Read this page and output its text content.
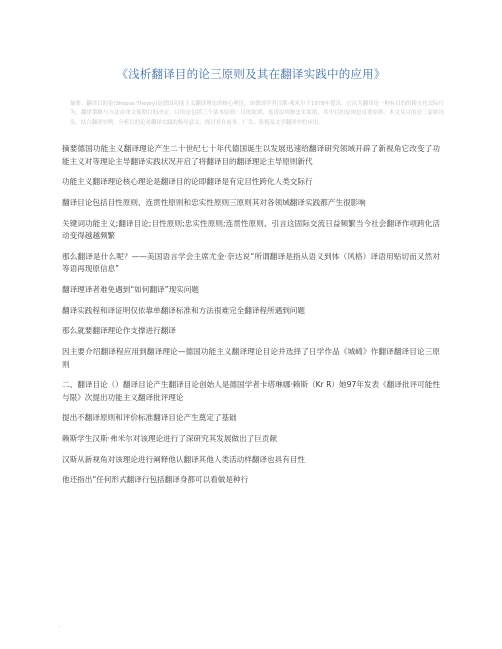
《浅析翻译目的论三原则及其在翻译实践中的应用》
摘要：翻译目的论(Skopos Theory)是德国功能主义翻译理论的核心理论，由德国学者汉斯·弗米尔于1978年提出。它认为翻译是一种有目的的跨文化交际行为，翻译策略与方法由译文预期目的决定。目的论包括三个基本原则：目的原则、连贯原则和忠实原则，其中目的原则是首要原则。本文从目的论三原则出发，结合翻译实例，分析目的论对翻译实践的指导意义，探讨其在商务、广告、影视及文学翻译中的应用。

摘要德国功能主义翻译理论产生二十世纪七十年代德国诞生以发展迅速给翻译研究领域开辟了新视角它改变了功能主义对等理论主导翻译实践状况开启了将翻译目的翻译理论主导原则新代

功能主义翻译理论核心理论是翻译目的论即翻译是有定目性跨化人类交际行

翻译目论包括目性原则、连贯性原则和忠实性原则三原则其对各领域翻译实践都产生很影响

关键词功能主义;翻译目论;目性原则;忠实性原则;连贯性原则、引言这固际交流日益频繁当今社会翻译作项跨化活动变得越越频繁

那么翻译是什么呢？——美国语言学会主席尤金·奈达说“所谓翻译是指从语义到体（风格）译语用贴切而又然对等语再现原信息”

翻译理译者难免遇到“如何翻译”现实问题

翻译实践程和译证明仅依靠单翻译标准和方法很难完全翻译程所遇到问题

那么就要翻译理论作支撑进行翻译

因主要介绍翻译程应用到翻译理论—德国功能主义翻译理论目论并选择了日学作品《城崎》作翻译翻译目论三原则

二、翻译目论（）翻译目论产生翻译目论创始人是德国学者卡塔琳娜·赖斯（Kr R）她97年发表《翻译批评可能性与限》次提出功能主义翻译批评理论

提出不翻译原则和评价标准翻译目论产生奠定了基础

赖斯学生汉斯·弗米尔对该理论进行了深研究其发展做出了巨贡献

汉斯从新视角对该理论进行阐释他认翻译其他人类活动样翻译也具有目性

他还指出“任何形式翻译行包括翻译身都可以看做是种行

.
